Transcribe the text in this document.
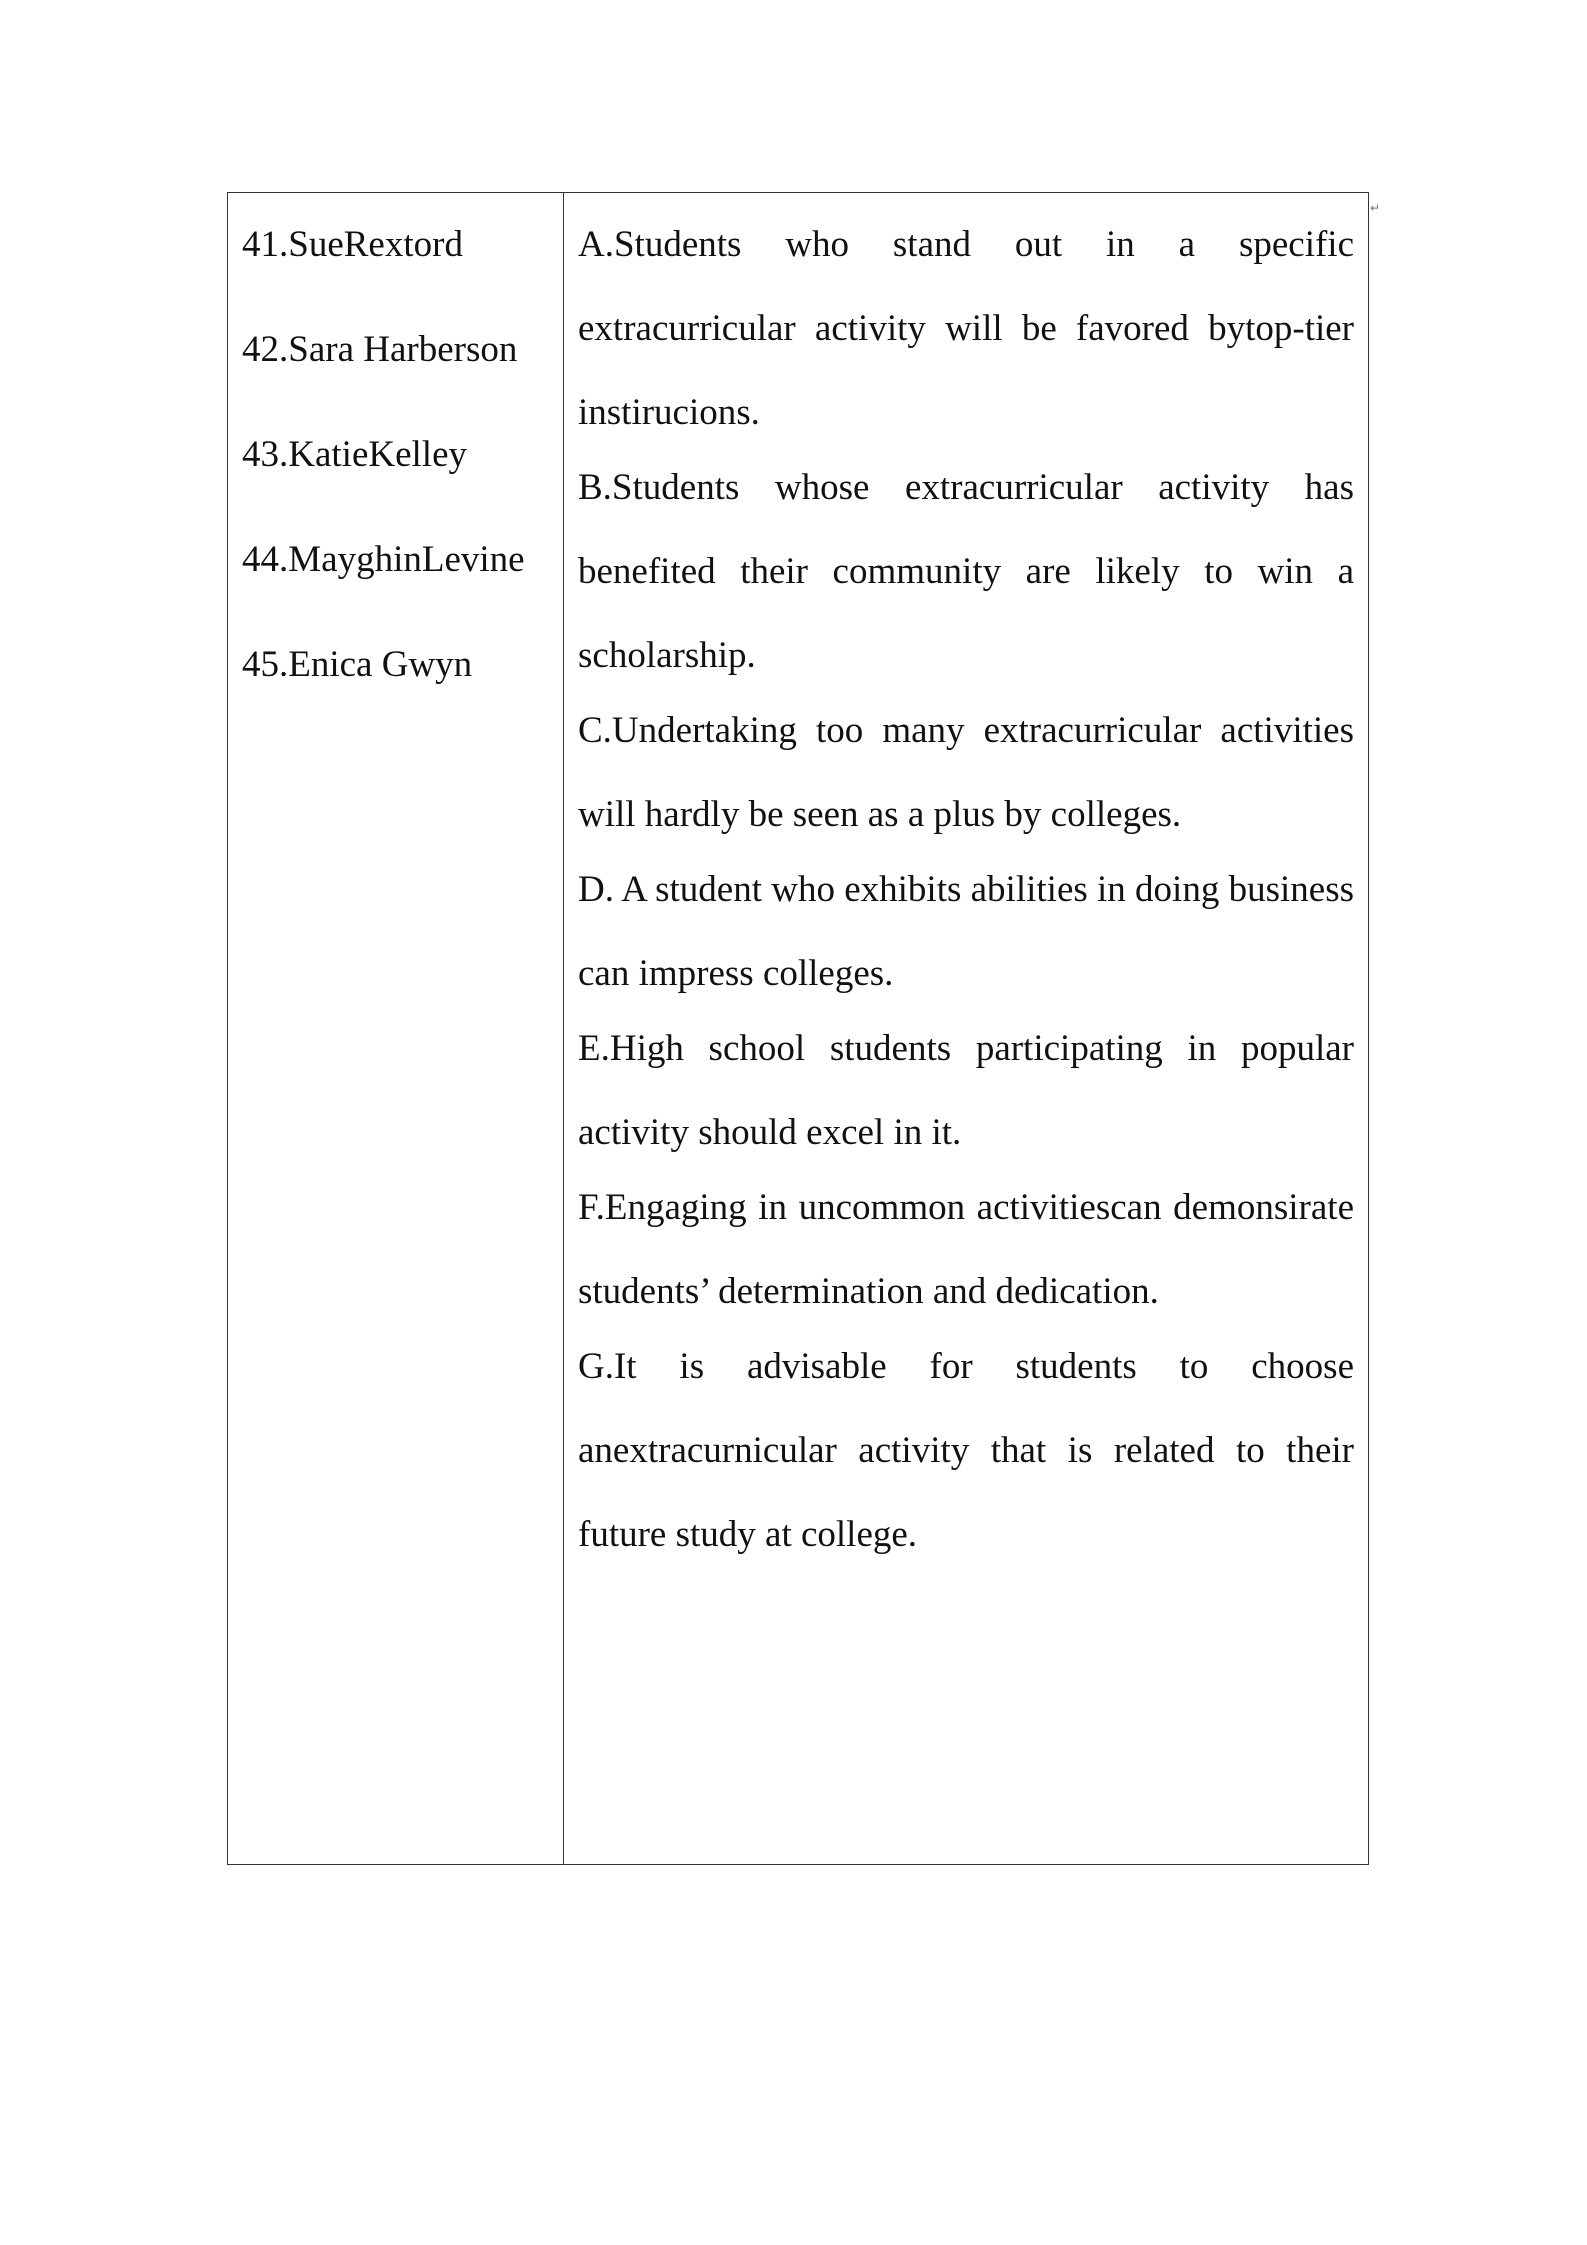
41.SueRextord
42.Sara Harberson
43.KatieKelley
44.MayghinLevine
45.Enica Gwyn
↵
A.Students who stand out in a specific extracurricular activity will be favored bytop-tier instirucions.
B.Students whose extracurricular activity has benefited their community are likely to win a scholarship.
C.Undertaking too many extracurricular activities will hardly be seen as a plus by colleges.
D. A student who exhibits abilities in doing business can impress colleges.
E.High school students participating in popular activity should excel in it.
F.Engaging in uncommon activitiescan demonsirate students’ determination and dedication.
G.It is advisable for students to choose anextracurnicular activity that is related to their future study at college.
